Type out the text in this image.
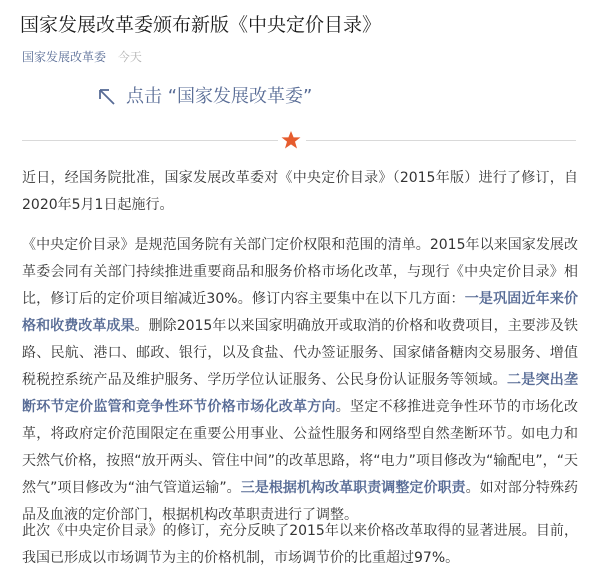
国家发展改革委颁布新版《中央定价目录》
国家发展改革委 今天
点击 “国家发展改革委”

近日，经国务院批准，国家发展改革委对《中央定价目录》（2015年版）进行了修订，自2020年5月1日起施行。

《中央定价目录》是规范国务院有关部门定价权限和范围的清单。2015年以来国家发展改革委会同有关部门持续推进重要商品和服务价格市场化改革，与现行《中央定价目录》相比，修订后的定价项目缩减近30%。修订内容主要集中在以下几方面：一是巩固近年来价格和收费改革成果。删除2015年以来国家明确放开或取消的价格和收费项目，主要涉及铁路、民航、港口、邮政、银行，以及食盐、代办签证服务、国家储备糖肉交易服务、增值税税控系统产品及维护服务、学历学位认证服务、公民身份认证服务等领域。二是突出垄断环节定价监管和竞争性环节价格市场化改革方向。坚定不移推进竞争性环节的市场化改革，将政府定价范围限定在重要公用事业、公益性服务和网络型自然垄断环节。如电力和天然气价格，按照“放开两头、管住中间”的改革思路，将“电力”项目修改为“输配电”，“天然气”项目修改为“油气管道运输”。三是根据机构改革职责调整定价职责。如对部分特殊药品及血液的定价部门，根据机构改革职责进行了调整。

此次《中央定价目录》的修订，充分反映了2015年以来价格改革取得的显著进展。目前，我国已形成以市场调节为主的价格机制，市场调节价的比重超过97%。
